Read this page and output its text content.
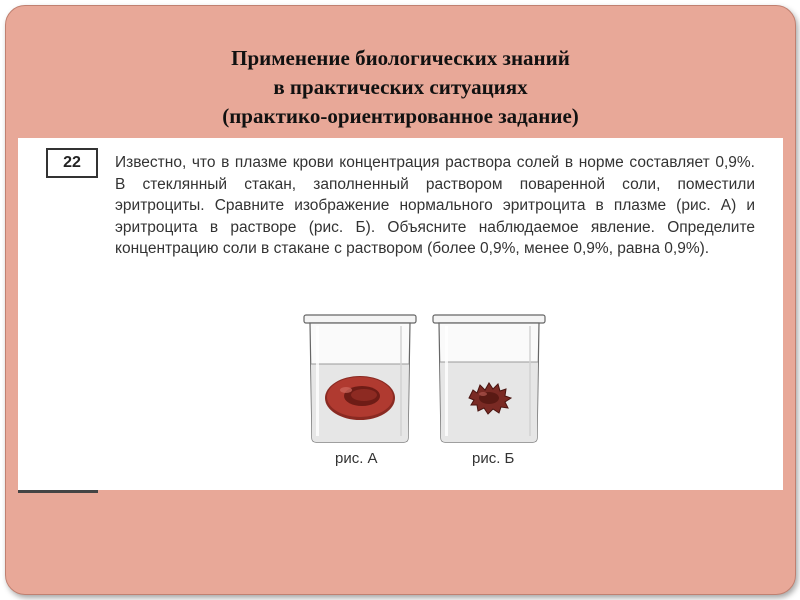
Применение биологических знаний
в практических ситуациях
(практико-ориентированное задание)
22	Известно, что в плазме крови концентрация раствора солей в норме составляет 0,9%. В стеклянный стакан, заполненный раствором поваренной соли, поместили эритроциты. Сравните изображение нормального эритроцита в плазме (рис. А) и эритроцита в растворе (рис. Б). Объясните наблюдаемое явление. Определите концентрацию соли в стакане с раствором (более 0,9%, менее 0,9%, равна 0,9%).
рис. А	рис. Б
